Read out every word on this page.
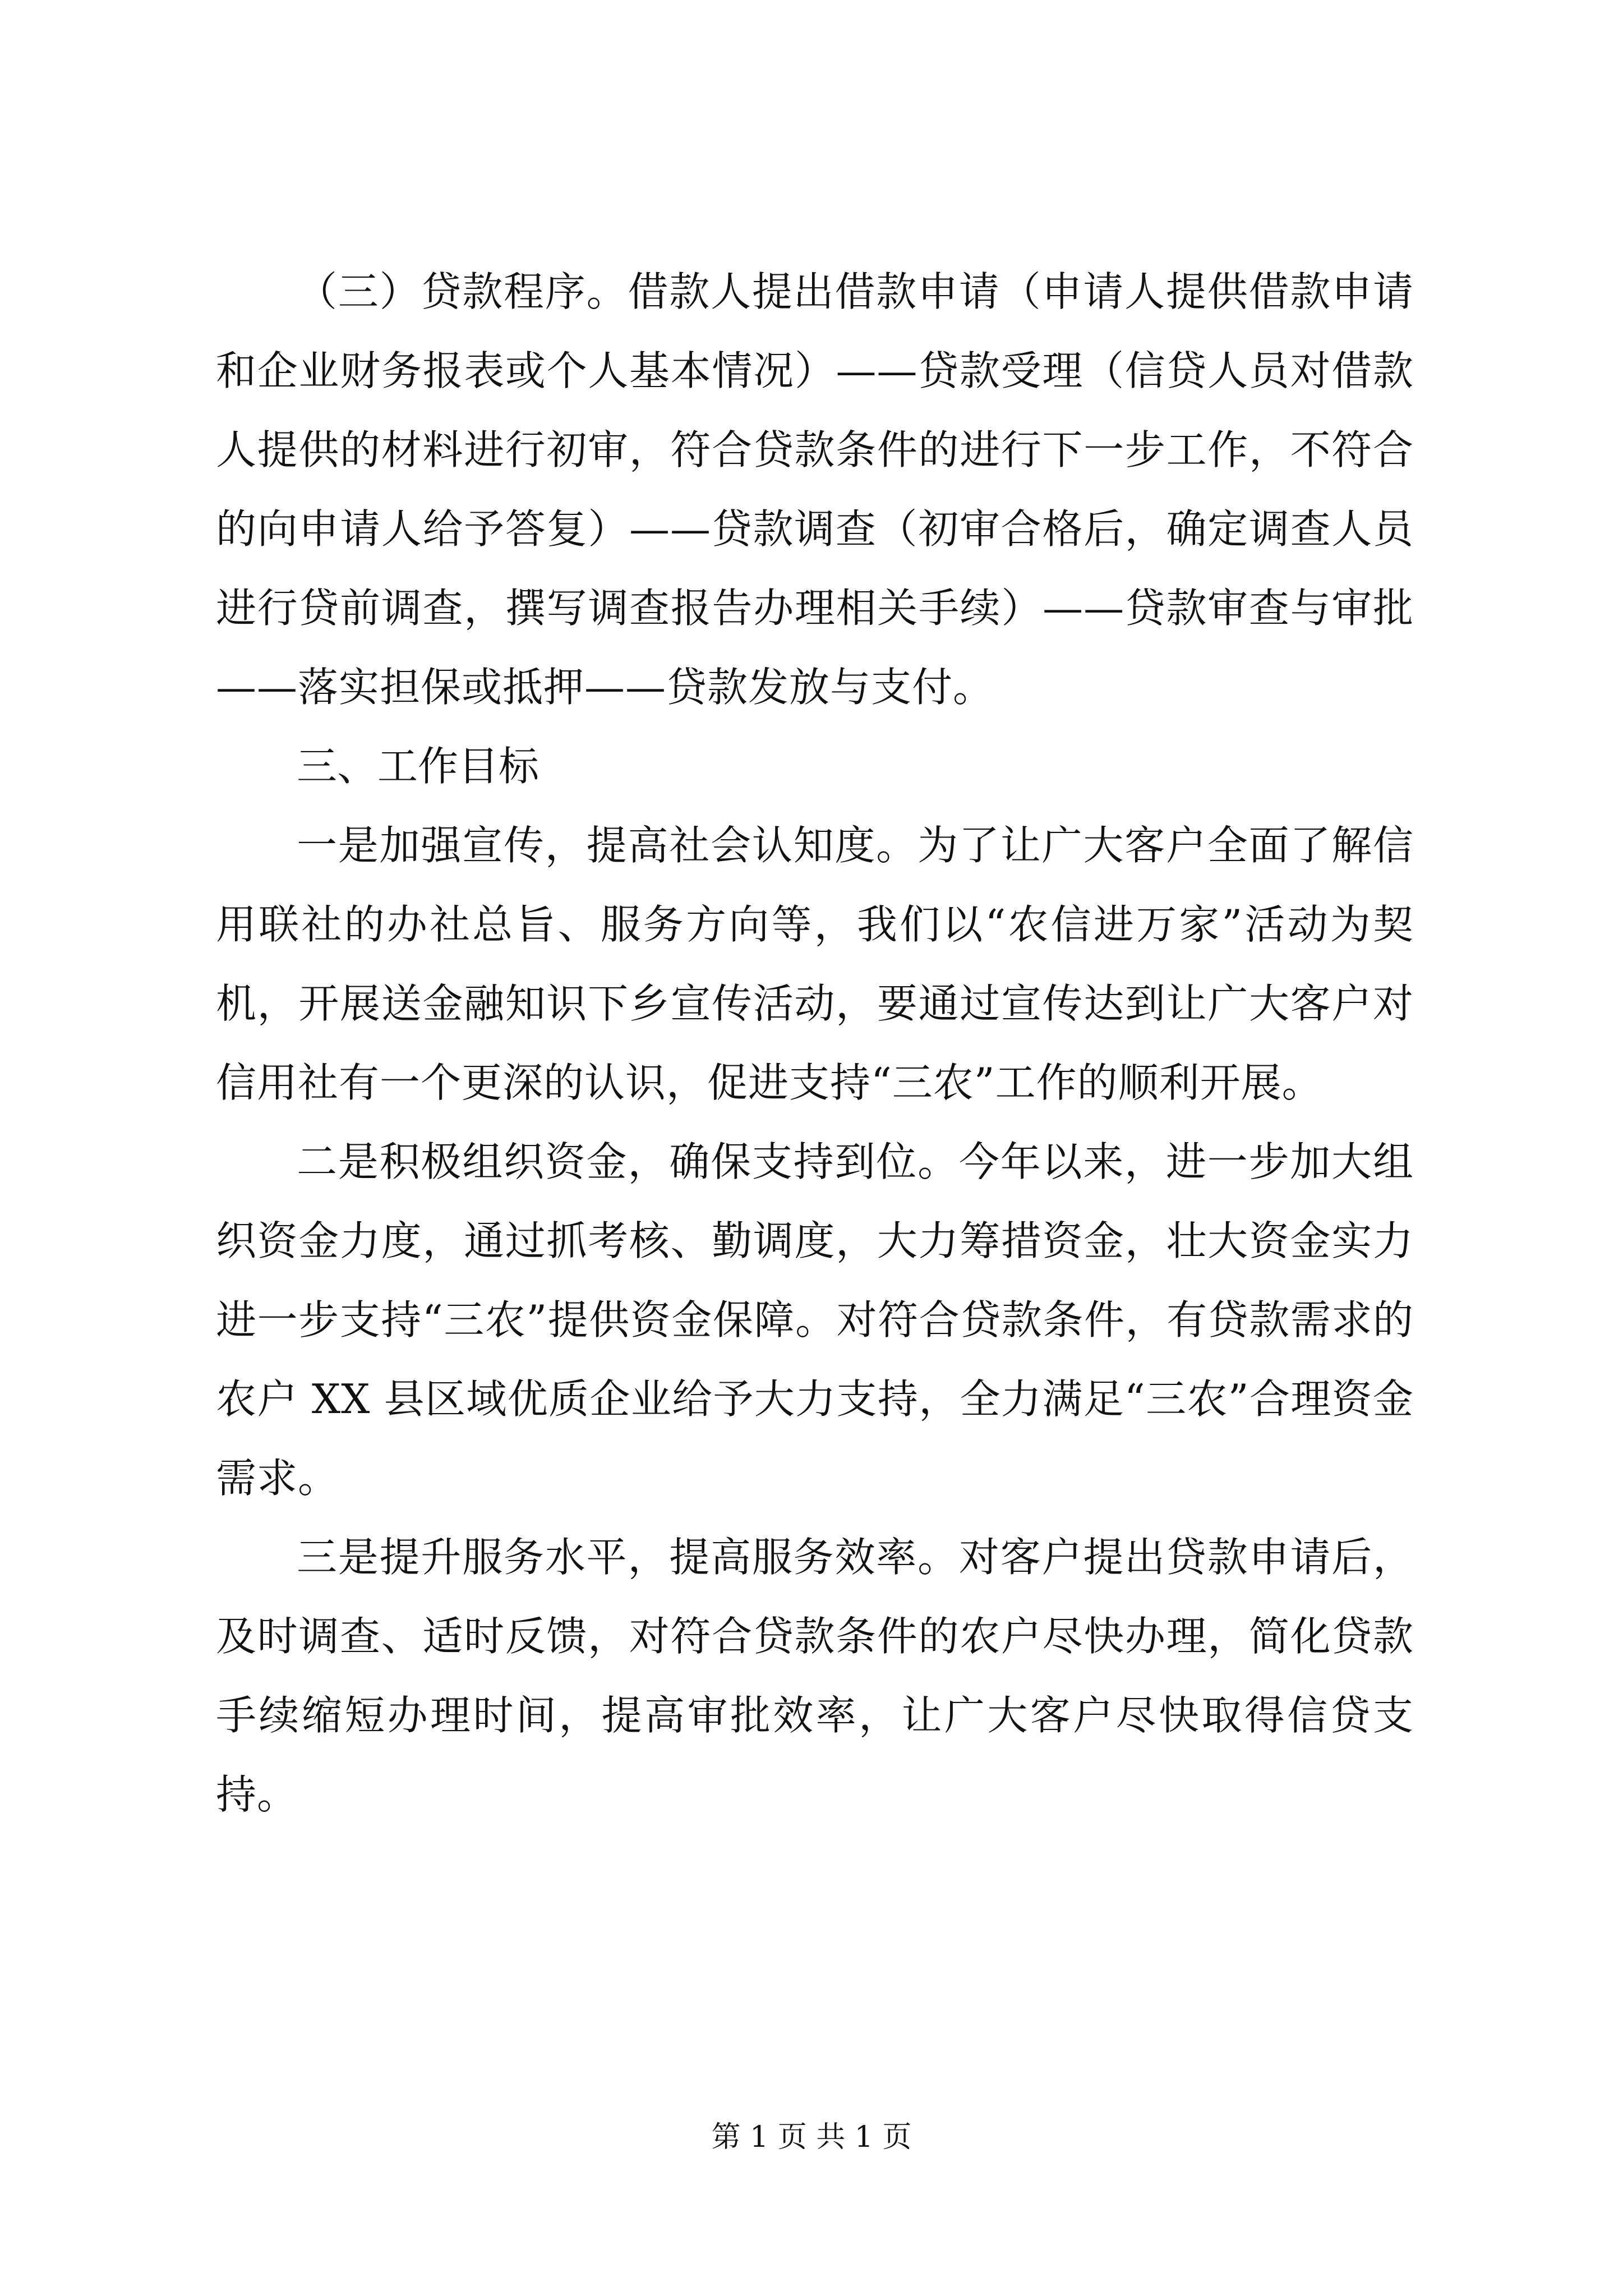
（三）贷款程序。借款人提出借款申请（申请人提供借款申请和企业财务报表或个人基本情况）——贷款受理（信贷人员对借款人提供的材料进行初审，符合贷款条件的进行下一步工作，不符合的向申请人给予答复）——贷款调查（初审合格后，确定调查人员进行贷前调查，撰写调查报告办理相关手续）——贷款审查与审批——落实担保或抵押——贷款发放与支付。

三、工作目标

一是加强宣传，提高社会认知度。为了让广大客户全面了解信用联社的办社总旨、服务方向等，我们以“农信进万家”活动为契机，开展送金融知识下乡宣传活动，要通过宣传达到让广大客户对信用社有一个更深的认识，促进支持“三农”工作的顺利开展。

二是积极组织资金，确保支持到位。今年以来，进一步加大组织资金力度，通过抓考核、勤调度，大力筹措资金，壮大资金实力进一步支持“三农”提供资金保障。对符合贷款条件，有贷款需求的农户 XX 县区域优质企业给予大力支持，全力满足“三农”合理资金需求。

三是提升服务水平，提高服务效率。对客户提出贷款申请后，及时调查、适时反馈，对符合贷款条件的农户尽快办理，简化贷款手续缩短办理时间，提高审批效率，让广大客户尽快取得信贷支持。

第 1 页 共 1 页
